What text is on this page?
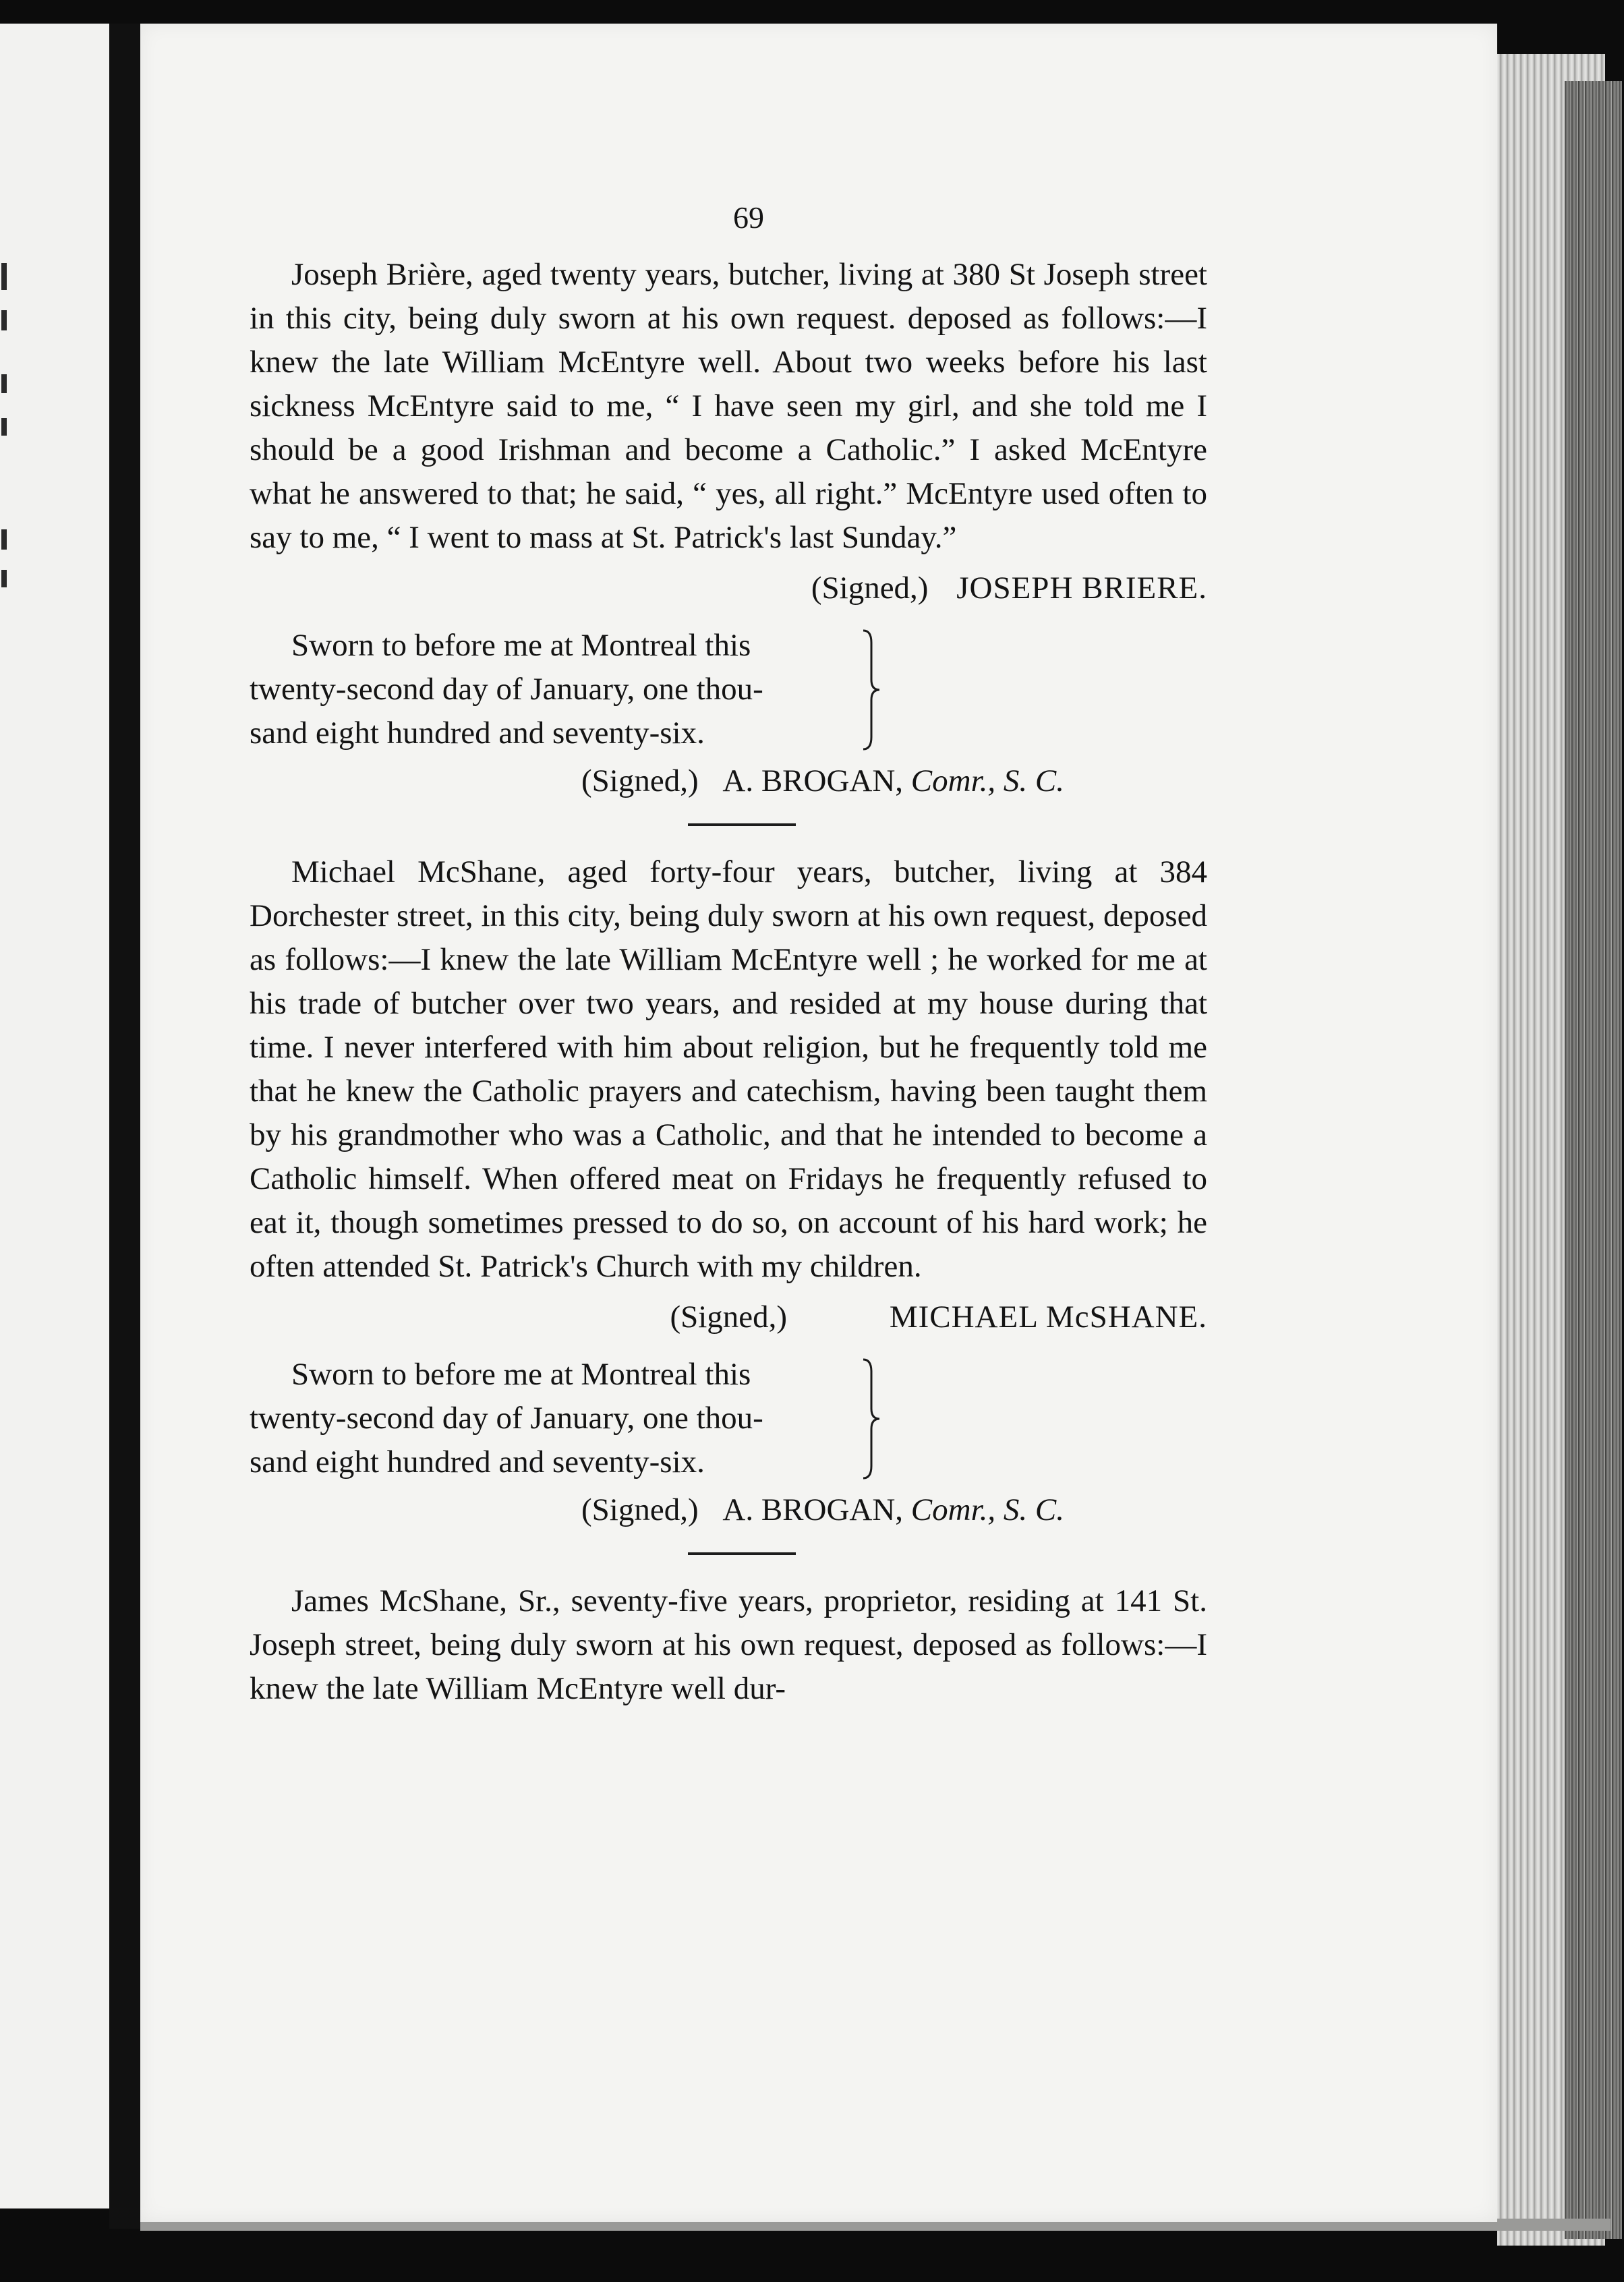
69

Joseph Brière, aged twenty years, butcher, living at 380 St Joseph street in this city, being duly sworn at his own request. deposed as follows:—I knew the late William McEntyre well. About two weeks before his last sickness McEntyre said to me, “ I have seen my girl, and she told me I should be a good Irishman and become a Catholic.” I asked McEntyre what he answered to that; he said, “ yes, all right.” McEntyre used often to say to me, “ I went to mass at St. Patrick's last Sunday.”

(Signed,) JOSEPH BRIERE.
Sworn to before me at Montreal this
twenty-second day of January, one thou-
sand eight hundred and seventy-six.
(Signed,) A. BROGAN, Comr., S. C.

Michael McShane, aged forty-four years, butcher, living at 384 Dorchester street, in this city, being duly sworn at his own request, deposed as follows:—I knew the late William McEntyre well ; he worked for me at his trade of butcher over two years, and resided at my house during that time. I never interfered with him about religion, but he frequently told me that he knew the Catholic prayers and catechism, having been taught them by his grandmother who was a Catholic, and that he intended to become a Catholic himself. When offered meat on Fridays he frequently refused to eat it, though sometimes pressed to do so, on account of his hard work; he often attended St. Patrick's Church with my children.

(Signed,)	MICHAEL McSHANE.
Sworn to before me at Montreal this
twenty-second day of January, one thou-
sand eight hundred and seventy-six.
(Signed,) A. BROGAN, Comr., S. C.

James McShane, Sr., seventy-five years, proprietor, residing at 141 St. Joseph street, being duly sworn at his own request, deposed as follows:—I knew the late William McEntyre well dur-
